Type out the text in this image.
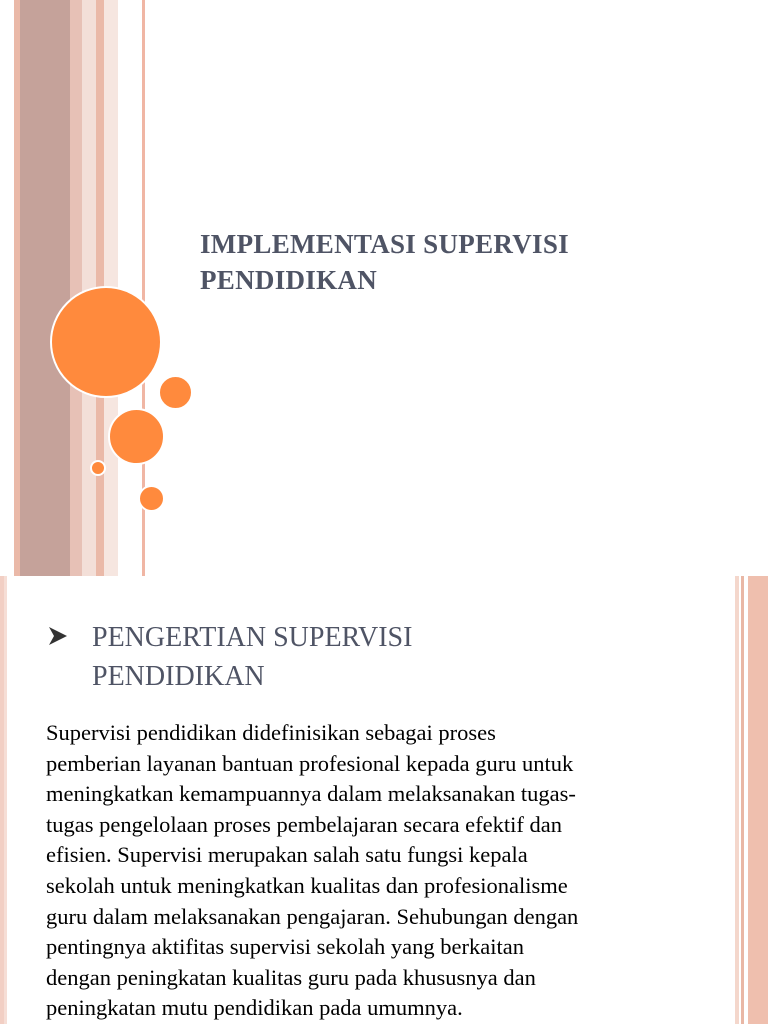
IMPLEMENTASI SUPERVISI
PENDIDIKAN
PENGERTIAN SUPERVISI
PENDIDIKAN

Supervisi pendidikan didefinisikan sebagai proses
pemberian layanan bantuan profesional kepada guru untuk
meningkatkan kemampuannya dalam melaksanakan tugas-
tugas pengelolaan proses pembelajaran secara efektif dan
efisien. Supervisi merupakan salah satu fungsi kepala
sekolah untuk meningkatkan kualitas dan profesionalisme
guru dalam melaksanakan pengajaran. Sehubungan dengan
pentingnya aktifitas supervisi sekolah yang berkaitan
dengan peningkatan kualitas guru pada khususnya dan
peningkatan mutu pendidikan pada umumnya.
